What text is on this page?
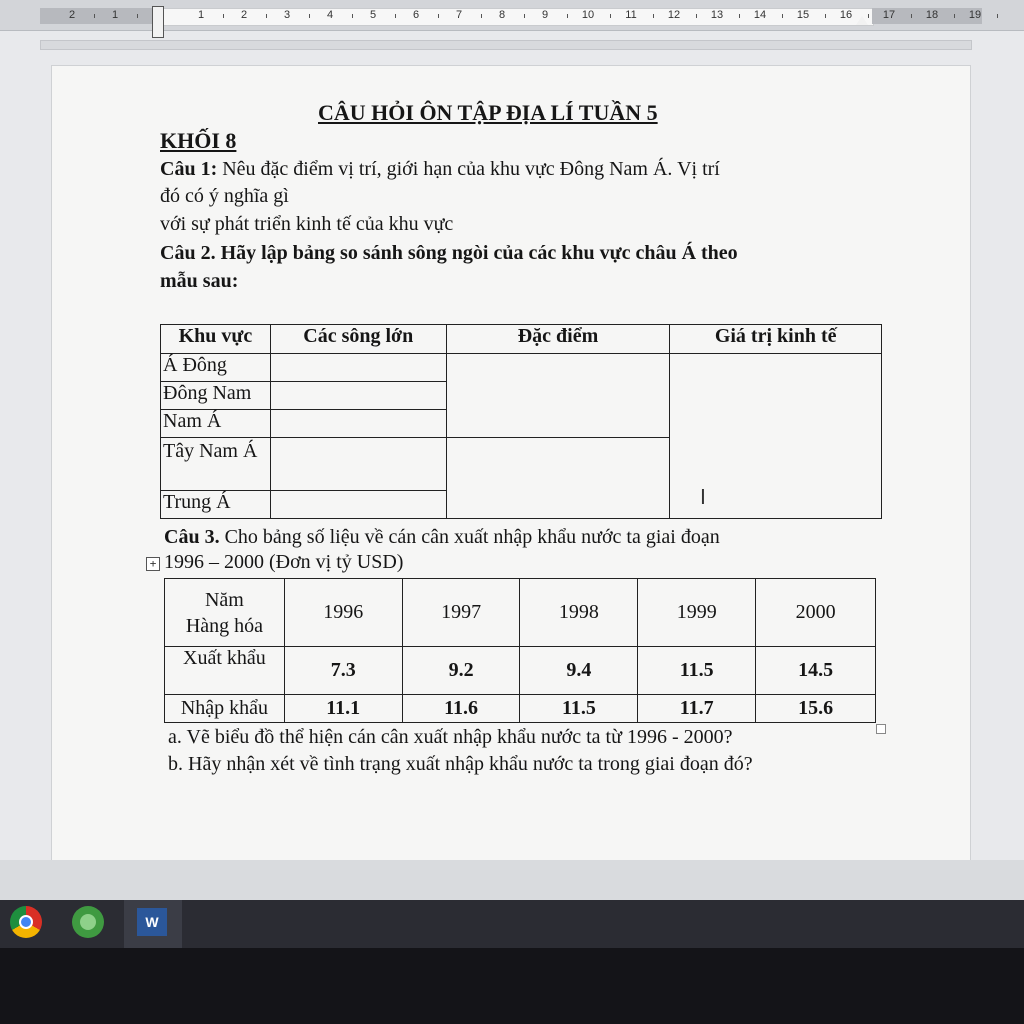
2	1	1	2	3	4	5	6	7	8	9	10	11	12	13	14	15	16	17	18	19
CÂU HỎI ÔN TẬP ĐỊA LÍ TUẦN 5
KHỐI 8
Câu 1: Nêu đặc điểm vị trí, giới hạn của khu vực Đông Nam Á. Vị trí
đó có ý nghĩa gì
với sự phát triển kinh tế của khu vực
Câu 2. Hãy lập bảng so sánh sông ngòi của các khu vực châu Á theo
mẫu sau:
Khu vực	Các sông lớn	Đặc điểm	Giá trị kinh tế
Á Đông			
Đông Nam			
Nam Á			
Tây Nam Á			
Trung Á				I
Câu 3. Cho bảng số liệu về cán cân xuất nhập khẩu nước ta giai đoạn
+ 1996 – 2000 (Đơn vị tỷ USD)
Năm
Hàng hóa	1996	1997	1998	1999	2000
Xuất khẩu	7.3	9.2	9.4	11.5	14.5
Nhập khẩu	11.1	11.6	11.5	11.7	15.6
a. Vẽ biểu đồ thể hiện cán cân xuất nhập khẩu nước ta từ 1996 - 2000?
b. Hãy nhận xét về tình trạng xuất nhập khẩu nước ta trong giai đoạn đó?
W
